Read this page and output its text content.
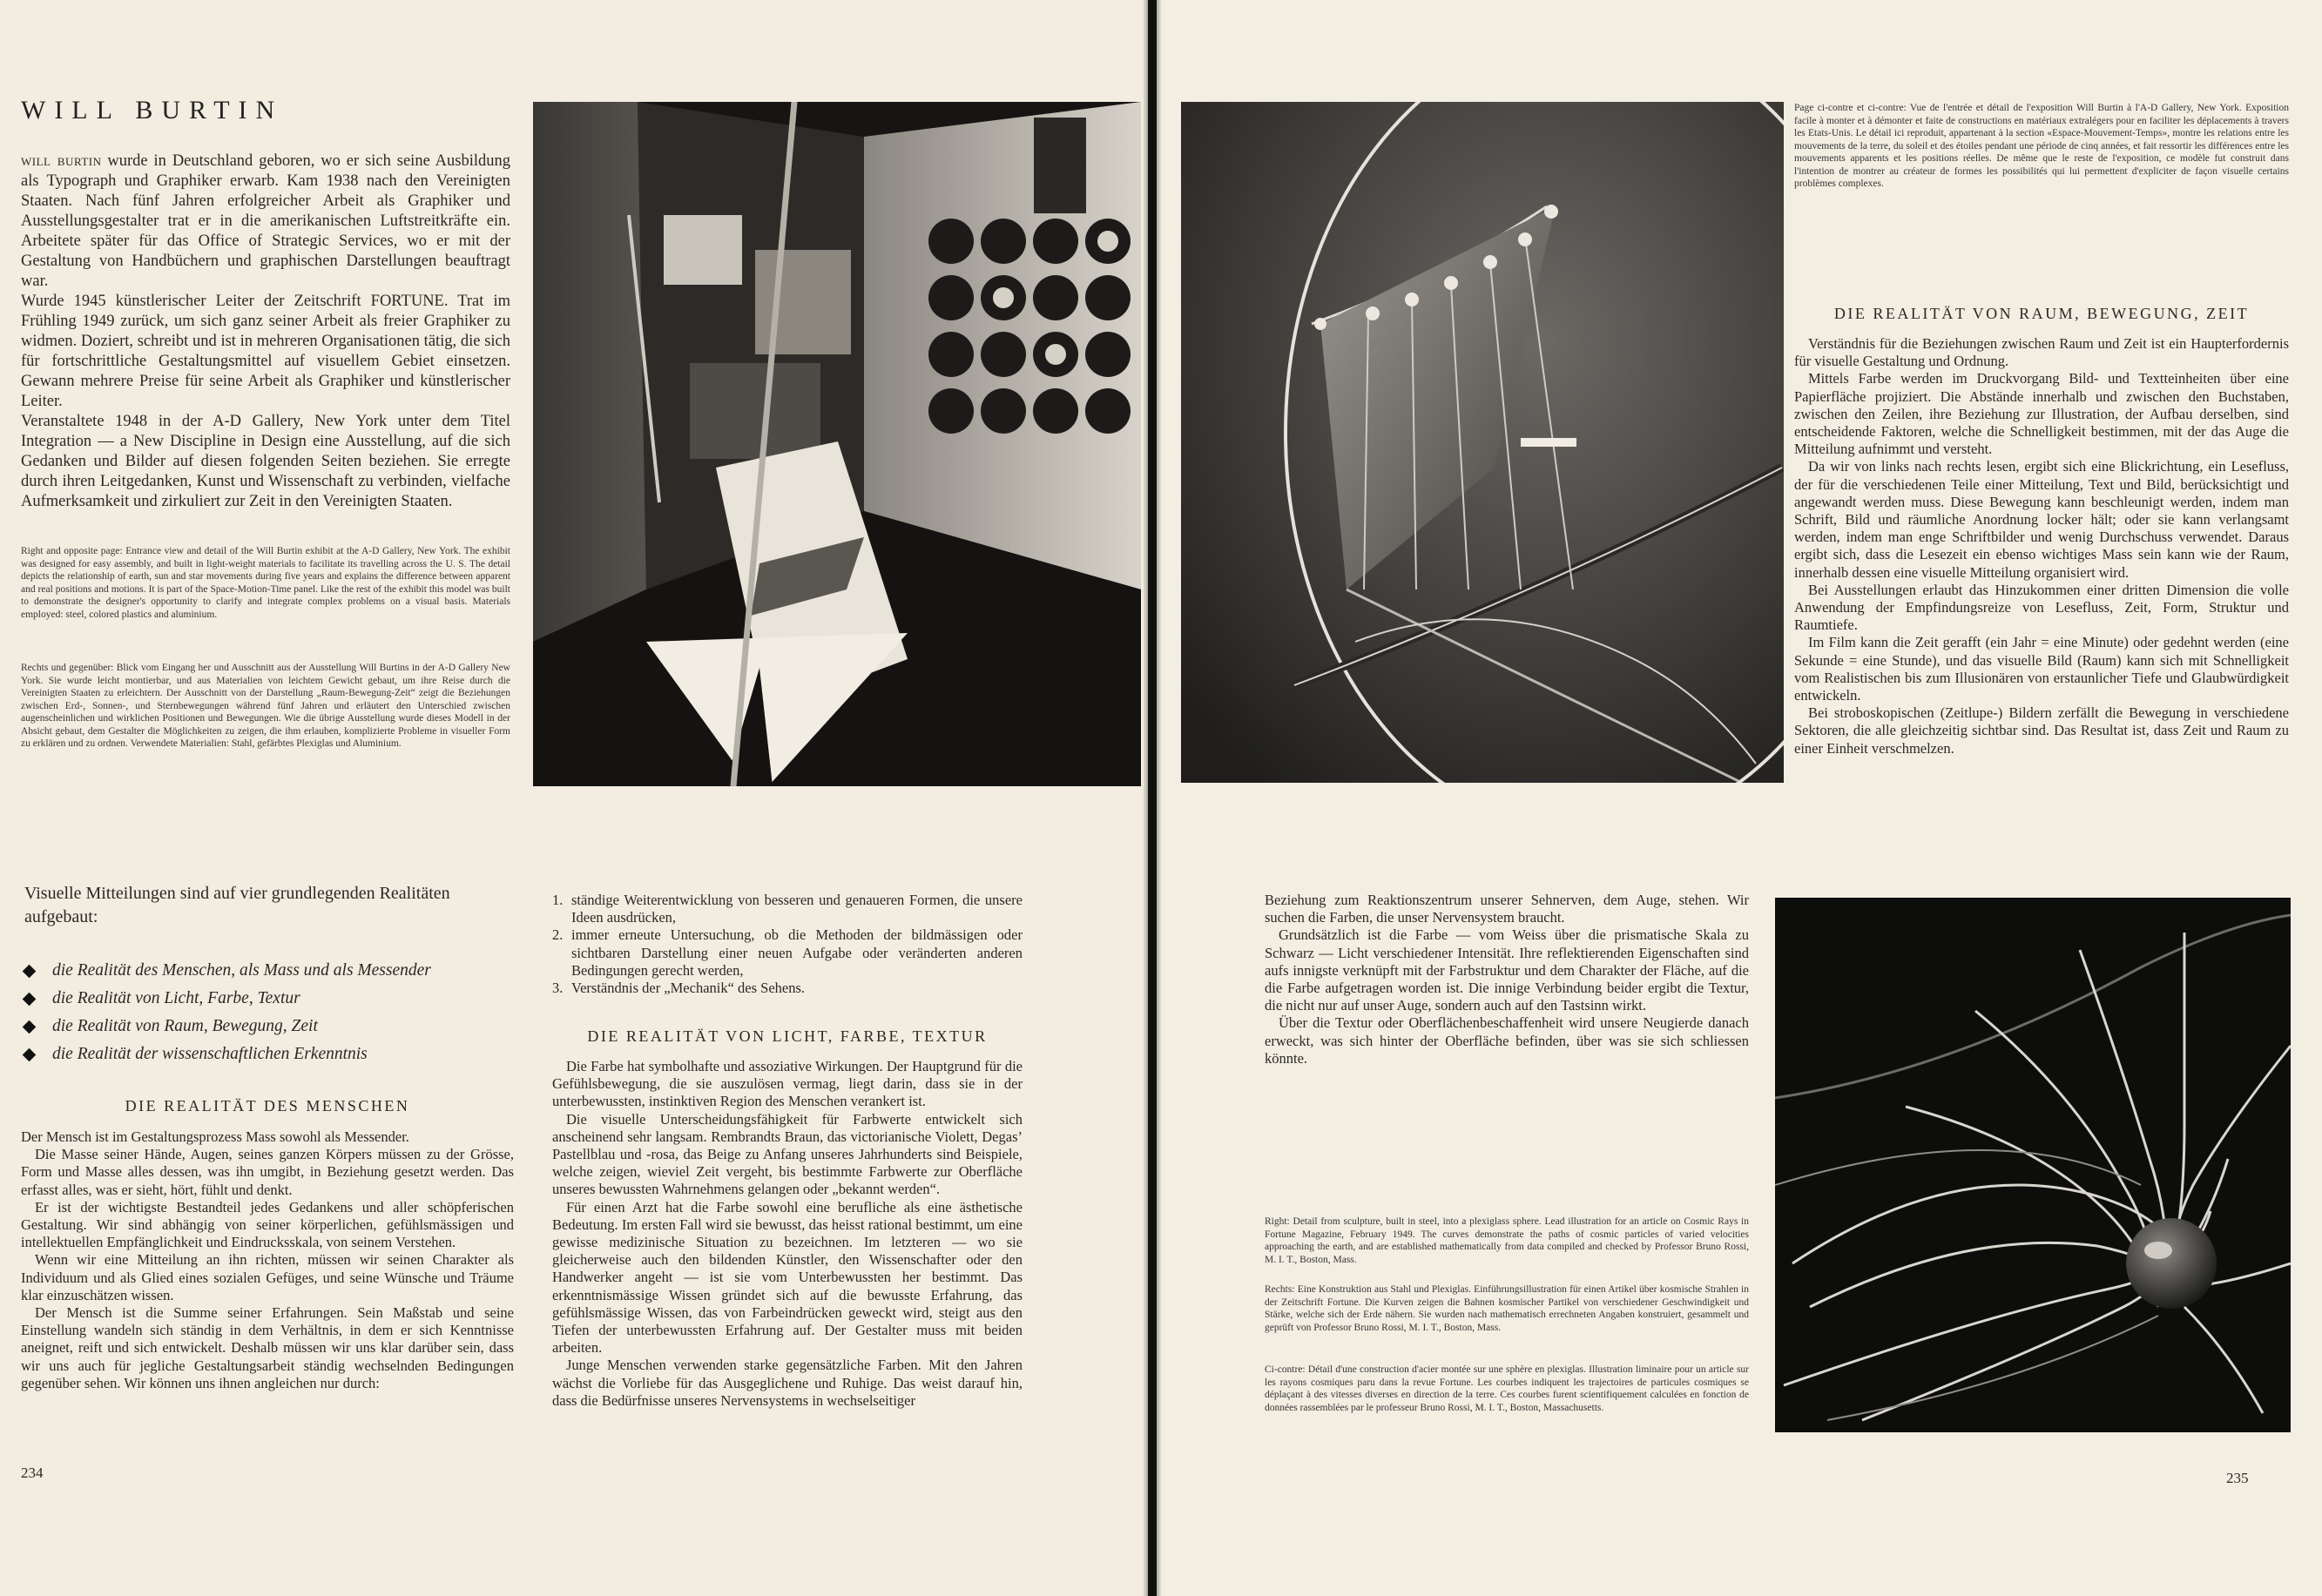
WILL BURTIN

will burtin wurde in Deutschland geboren, wo er sich seine Ausbildung als Typograph und Graphiker erwarb. Kam 1938 nach den Vereinigten Staaten. Nach fünf Jahren erfolgreicher Arbeit als Graphiker und Ausstellungsgestalter trat er in die amerikanischen Luftstreitkräfte ein. Arbeitete später für das Office of Strategic Services, wo er mit der Gestaltung von Handbüchern und graphischen Darstellungen beauftragt war.

Wurde 1945 künstlerischer Leiter der Zeitschrift FORTUNE. Trat im Frühling 1949 zurück, um sich ganz seiner Arbeit als freier Graphiker zu widmen. Doziert, schreibt und ist in mehreren Organisationen tätig, die sich für fortschrittliche Gestaltungsmittel auf visuellem Gebiet einsetzen. Gewann mehrere Preise für seine Arbeit als Graphiker und künstlerischer Leiter.

Veranstaltete 1948 in der A-D Gallery, New York unter dem Titel Integration — a New Discipline in Design eine Ausstellung, auf die sich Gedanken und Bilder auf diesen folgenden Seiten beziehen. Sie erregte durch ihren Leitgedanken, Kunst und Wissenschaft zu verbinden, vielfache Aufmerksamkeit und zirkuliert zur Zeit in den Vereinigten Staaten.

Right and opposite page: Entrance view and detail of the Will Burtin exhibit at the A-D Gallery, New York. The exhibit was designed for easy assembly, and built in light-weight materials to facilitate its travelling across the U. S. The detail depicts the relationship of earth, sun and star movements during five years and explains the difference between apparent and real positions and motions. It is part of the Space-Motion-Time panel. Like the rest of the exhibit this model was built to demonstrate the designer's opportunity to clarify and integrate complex problems on a visual basis. Materials employed: steel, colored plastics and aluminium.

Rechts und gegenüber: Blick vom Eingang her und Ausschnitt aus der Ausstellung Will Burtins in der A-D Gallery New York. Sie wurde leicht montierbar, und aus Materialien von leichtem Gewicht gebaut, um ihre Reise durch die Vereinigten Staaten zu erleichtern. Der Ausschnitt von der Darstellung „Raum-Bewegung-Zeit“ zeigt die Beziehungen zwischen Erd-, Sonnen-, und Sternbewegungen während fünf Jahren und erläutert den Unterschied zwischen augenscheinlichen und wirklichen Positionen und Bewegungen. Wie die übrige Ausstellung wurde dieses Modell in der Absicht gebaut, dem Gestalter die Möglichkeiten zu zeigen, die ihm erlauben, komplizierte Probleme in visueller Form zu erklären und zu ordnen. Verwendete Materialien: Stahl, gefärbtes Plexiglas und Aluminium.

Visuelle Mitteilungen sind auf vier grundlegenden Realitäten aufgebaut:

die Realität des Menschen, als Mass und als Messender
die Realität von Licht, Farbe, Textur
die Realität von Raum, Bewegung, Zeit
die Realität der wissenschaftlichen Erkenntnis
DIE REALITÄT DES MENSCHEN

Der Mensch ist im Gestaltungsprozess Mass sowohl als Messender.

Die Masse seiner Hände, Augen, seines ganzen Körpers müssen zu der Grösse, Form und Masse alles dessen, was ihn umgibt, in Beziehung gesetzt werden. Das erfasst alles, was er sieht, hört, fühlt und denkt.

Er ist der wichtigste Bestandteil jedes Gedankens und aller schöpferischen Gestaltung. Wir sind abhängig von seiner körperlichen, gefühlsmässigen und intellektuellen Empfänglichkeit und Eindrucksskala, von seinem Verstehen.

Wenn wir eine Mitteilung an ihn richten, müssen wir seinen Charakter als Individuum und als Glied eines sozialen Gefüges, und seine Wünsche und Träume klar einzuschätzen wissen.

Der Mensch ist die Summe seiner Erfahrungen. Sein Maßstab und seine Einstellung wandeln sich ständig in dem Verhältnis, in dem er sich Kenntnisse aneignet, reift und sich entwickelt. Deshalb müssen wir uns klar darüber sein, dass wir uns auch für jegliche Gestaltungsarbeit ständig wechselnden Bedingungen gegenüber sehen. Wir können uns ihnen angleichen nur durch:

1. ständige Weiterentwicklung von besseren und genaueren Formen, die unsere Ideen ausdrücken,
2. immer erneute Untersuchung, ob die Methoden der bildmässigen oder sichtbaren Darstellung einer neuen Aufgabe oder veränderten anderen Bedingungen gerecht werden,
3. Verständnis der „Mechanik“ des Sehens.
DIE REALITÄT VON LICHT, FARBE, TEXTUR

Die Farbe hat symbolhafte und assoziative Wirkungen. Der Hauptgrund für die Gefühlsbewegung, die sie auszulösen vermag, liegt darin, dass sie in der unterbewussten, instinktiven Region des Menschen verankert ist.

Die visuelle Unterscheidungsfähigkeit für Farbwerte entwickelt sich anscheinend sehr langsam. Rembrandts Braun, das victorianische Violett, Degas’ Pastellblau und -rosa, das Beige zu Anfang unseres Jahrhunderts sind Beispiele, welche zeigen, wieviel Zeit vergeht, bis bestimmte Farbwerte zur Oberfläche unseres bewussten Wahrnehmens gelangen oder „bekannt werden“.

Für einen Arzt hat die Farbe sowohl eine berufliche als eine ästhetische Bedeutung. Im ersten Fall wird sie bewusst, das heisst rational bestimmt, um eine gewisse medizinische Situation zu bezeichnen. Im letzteren — wo sie gleicherweise auch den bildenden Künstler, den Wissenschafter oder den Handwerker angeht — ist sie vom Unterbewussten her bestimmt. Das erkenntnismässige Wissen gründet sich auf die bewusste Erfahrung, das gefühlsmässige Wissen, das von Farbeindrücken geweckt wird, steigt aus den Tiefen der unterbewussten Erfahrung auf. Der Gestalter muss mit beiden arbeiten.

Junge Menschen verwenden starke gegensätzliche Farben. Mit den Jahren wächst die Vorliebe für das Ausgeglichene und Ruhige. Das weist darauf hin, dass die Bedürfnisse unseres Nervensystems in wechselseitiger

234

Page ci-contre et ci-contre: Vue de l'entrée et détail de l'exposition Will Burtin à l'A-D Gallery, New York. Exposition facile à monter et à démonter et faite de constructions en matériaux extralégers pour en faciliter les déplacements à travers les Etats-Unis. Le détail ici reproduit, appartenant à la section «Espace-Mouvement-Temps», montre les relations entre les mouvements de la terre, du soleil et des étoiles pendant une période de cinq années, et fait ressortir les différences entre les mouvements apparents et les positions réelles. De même que le reste de l'exposition, ce modèle fut construit dans l'intention de montrer au créateur de formes les possibilités qui lui permettent d'expliciter de façon visuelle certains problèmes complexes.

DIE REALITÄT VON RAUM, BEWEGUNG, ZEIT

Verständnis für die Beziehungen zwischen Raum und Zeit ist ein Haupterfordernis für visuelle Gestaltung und Ordnung.

Mittels Farbe werden im Druckvorgang Bild- und Textteinheiten über eine Papierfläche projiziert. Die Abstände innerhalb und zwischen den Buchstaben, zwischen den Zeilen, ihre Beziehung zur Illustration, der Aufbau derselben, sind entscheidende Faktoren, welche die Schnelligkeit bestimmen, mit der das Auge die Mitteilung aufnimmt und versteht.

Da wir von links nach rechts lesen, ergibt sich eine Blickrichtung, ein Lesefluss, der für die verschiedenen Teile einer Mitteilung, Text und Bild, berücksichtigt und angewandt werden muss. Diese Bewegung kann beschleunigt werden, indem man Schrift, Bild und räumliche Anordnung locker hält; oder sie kann verlangsamt werden, indem man enge Schriftbilder und wenig Durchschuss verwendet. Daraus ergibt sich, dass die Lesezeit ein ebenso wichtiges Mass sein kann wie der Raum, innerhalb dessen eine visuelle Mitteilung organisiert wird.

Bei Ausstellungen erlaubt das Hinzukommen einer dritten Dimension die volle Anwendung der Empfindungsreize von Lesefluss, Zeit, Form, Struktur und Raumtiefe.

Im Film kann die Zeit gerafft (ein Jahr = eine Minute) oder gedehnt werden (eine Sekunde = eine Stunde), und das visuelle Bild (Raum) kann sich mit Schnelligkeit vom Realistischen bis zum Illusionären von erstaunlicher Tiefe und Glaubwürdigkeit entwickeln.

Bei stroboskopischen (Zeitlupe-) Bildern zerfällt die Bewegung in verschiedene Sektoren, die alle gleichzeitig sichtbar sind. Das Resultat ist, dass Zeit und Raum zu einer Einheit verschmelzen.

Beziehung zum Reaktionszentrum unserer Sehnerven, dem Auge, stehen. Wir suchen die Farben, die unser Nervensystem braucht.

Grundsätzlich ist die Farbe — vom Weiss über die prismatische Skala zu Schwarz — Licht verschiedener Intensität. Ihre reflektierenden Eigenschaften sind aufs innigste verknüpft mit der Farbstruktur und dem Charakter der Fläche, auf die die Farbe aufgetragen worden ist. Die innige Verbindung beider ergibt die Textur, die nicht nur auf unser Auge, sondern auch auf den Tastsinn wirkt.

Über die Textur oder Oberflächenbeschaffenheit wird unsere Neugierde danach erweckt, was sich hinter der Oberfläche befinden, über was sie sich schliessen könnte.

Right: Detail from sculpture, built in steel, into a plexiglass sphere. Lead illustration for an article on Cosmic Rays in Fortune Magazine, February 1949. The curves demonstrate the paths of cosmic particles of varied velocities approaching the earth, and are established mathematically from data compiled and checked by Professor Bruno Rossi, M. I. T., Boston, Mass.

Rechts: Eine Konstruktion aus Stahl und Plexiglas. Einführungsillustration für einen Artikel über kosmische Strahlen in der Zeitschrift Fortune. Die Kurven zeigen die Bahnen kosmischer Partikel von verschiedener Geschwindigkeit und Stärke, welche sich der Erde nähern. Sie wurden nach mathematisch errechneten Angaben konstruiert, gesammelt und geprüft von Professor Bruno Rossi, M. I. T., Boston, Mass.

Ci-contre: Détail d'une construction d'acier montée sur une sphère en plexiglas. Illustration liminaire pour un article sur les rayons cosmiques paru dans la revue Fortune. Les courbes indiquent les trajectoires de particules cosmiques se déplaçant à des vitesses diverses en direction de la terre. Ces courbes furent scientifiquement calculées en fonction de données rassemblées par le professeur Bruno Rossi, M. I. T., Boston, Massachusetts.

235
